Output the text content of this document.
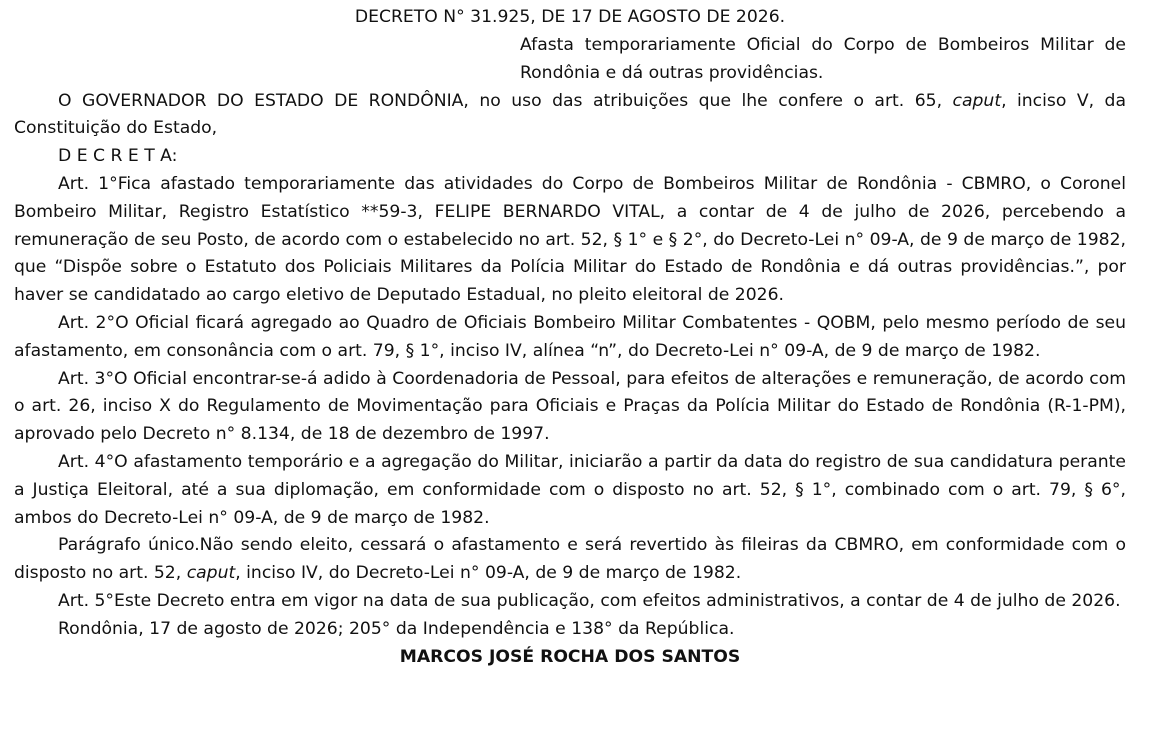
DECRETO N° 31.925, DE 17 DE AGOSTO DE 2026.
Afasta temporariamente Oficial do Corpo de Bombeiros Militar de Rondônia e dá outras providências.

O GOVERNADOR DO ESTADO DE RONDÔNIA, no uso das atribuições que lhe confere o art. 65, caput, inciso V, da Constituição do Estado,

D E C R E T A:

Art. 1°Fica afastado temporariamente das atividades do Corpo de Bombeiros Militar de Rondônia - CBMRO, o Coronel Bombeiro Militar, Registro Estatístico **59-3, FELIPE BERNARDO VITAL, a contar de 4 de julho de 2026, percebendo a remuneração de seu Posto, de acordo com o estabelecido no art. 52, § 1° e § 2°, do Decreto-Lei n° 09-A, de 9 de março de 1982, que “Dispõe sobre o Estatuto dos Policiais Militares da Polícia Militar do Estado de Rondônia e dá outras providências.”, por haver se candidatado ao cargo eletivo de Deputado Estadual, no pleito eleitoral de 2026.

Art. 2°O Oficial ficará agregado ao Quadro de Oficiais Bombeiro Militar Combatentes - QOBM, pelo mesmo período de seu afastamento, em consonância com o art. 79, § 1°, inciso IV, alínea “n”, do Decreto-Lei n° 09-A, de 9 de março de 1982.

Art. 3°O Oficial encontrar-se-á adido à Coordenadoria de Pessoal, para efeitos de alterações e remuneração, de acordo com o art. 26, inciso X do Regulamento de Movimentação para Oficiais e Praças da Polícia Militar do Estado de Rondônia (R-1-PM), aprovado pelo Decreto n° 8.134, de 18 de dezembro de 1997.

Art. 4°O afastamento temporário e a agregação do Militar, iniciarão a partir da data do registro de sua candidatura perante a Justiça Eleitoral, até a sua diplomação, em conformidade com o disposto no art. 52, § 1°, combinado com o art. 79, § 6°, ambos do Decreto-Lei n° 09-A, de 9 de março de 1982.

Parágrafo único.Não sendo eleito, cessará o afastamento e será revertido às fileiras da CBMRO, em conformidade com o disposto no art. 52, caput, inciso IV, do Decreto-Lei n° 09-A, de 9 de março de 1982.

Art. 5°Este Decreto entra em vigor na data de sua publicação, com efeitos administrativos, a contar de 4 de julho de 2026.

Rondônia, 17 de agosto de 2026; 205° da Independência e 138° da República.

MARCOS JOSÉ ROCHA DOS SANTOS
